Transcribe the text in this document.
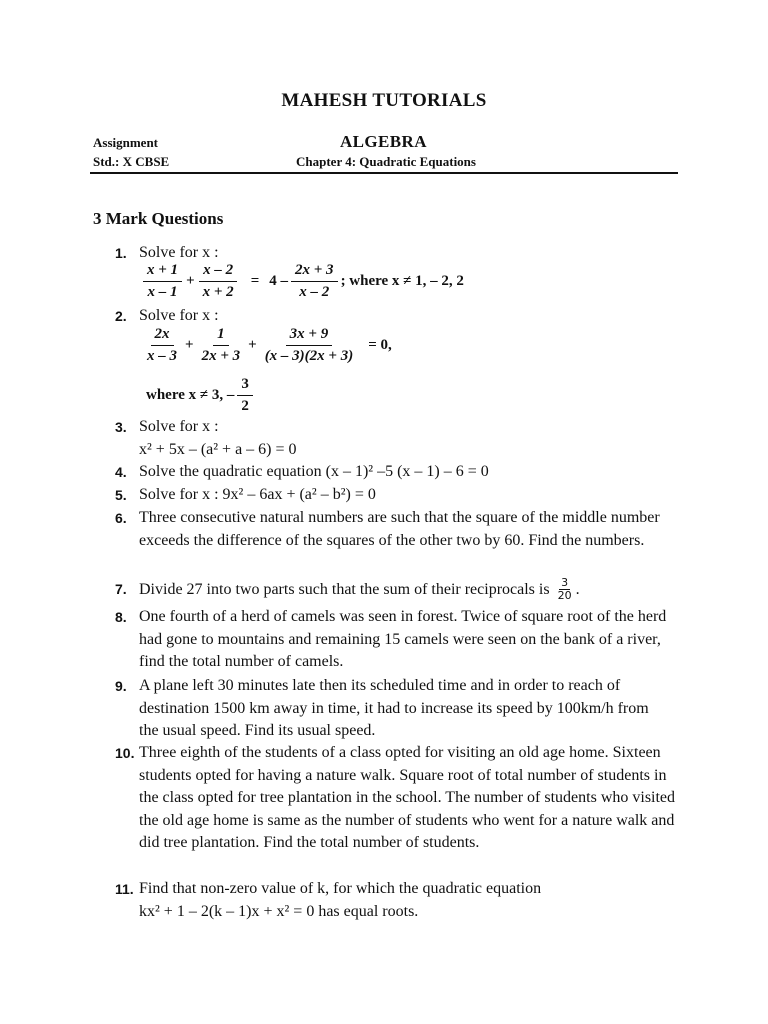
MAHESH TUTORIALS
Assignment
Std.: X CBSE
ALGEBRA
Chapter 4: Quadratic Equations
3 Mark Questions
1. Solve for x :
$\frac{x + 1}{x - 1} + \frac{x - 2}{x + 2} = 4 - \frac{2x + 3}{x - 2}$ ; where x ≠ 1, – 2, 2
2. Solve for x :
$\frac{2x}{x - 3} + \frac{1}{2x + 3} + \frac{3x + 9}{(x - 3)(2x + 3)} = 0$,
where x ≠ 3, – $\frac{3}{2}$
3. Solve for x :
x² + 5x – (a² + a – 6) = 0
4. Solve the quadratic equation (x – 1)² –5 (x – 1) – 6 = 0
5. Solve for x : 9x² – 6ax + (a² – b²) = 0
6. Three consecutive natural numbers are such that the square of the middle number exceeds the difference of the squares of the other two by 60. Find the numbers.
7. Divide 27 into two parts such that the sum of their reciprocals is $\frac{3}{20}$ .
8. One fourth of a herd of camels was seen in forest. Twice of square root of the herd had gone to mountains and remaining 15 camels were seen on the bank of a river, find the total number of camels.
9. A plane left 30 minutes late then its scheduled time and in order to reach of destination 1500 km away in time, it had to increase its speed by 100km/h from the usual speed. Find its usual speed.
10. Three eighth of the students of a class opted for visiting an old age home. Sixteen students opted for having a nature walk. Square root of total number of students in the class opted for tree plantation in the school. The number of students who visited the old age home is same as the number of students who went for a nature walk and did tree plantation. Find the total number of students.
11. Find that non-zero value of k, for which the quadratic equation
kx² + 1 – 2(k – 1)x + x² = 0 has equal roots.
